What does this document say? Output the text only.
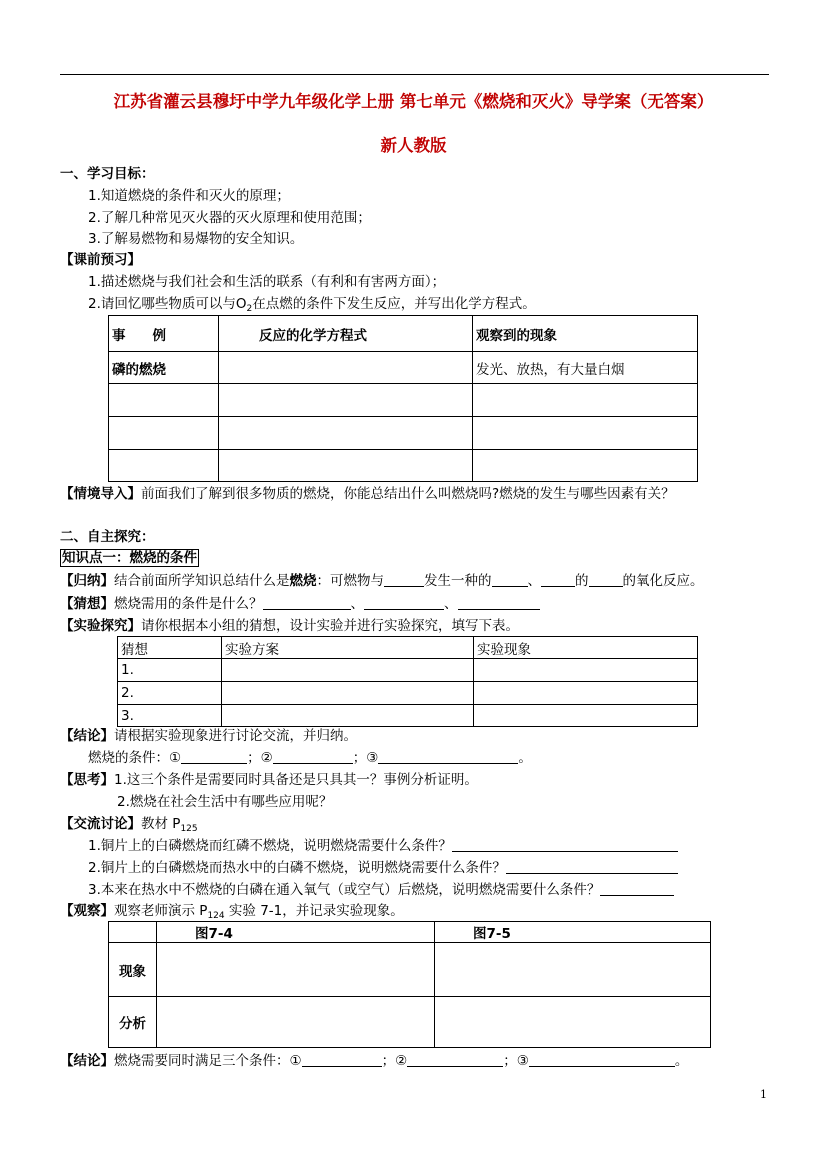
江苏省灌云县穆圩中学九年级化学上册 第七单元《燃烧和灭火》导学案（无答案）
新人教版
一、学习目标：
1.知道燃烧的条件和灭火的原理；
2.了解几种常见灭火器的灭火原理和使用范围；
3.了解易燃物和易爆物的安全知识。
【课前预习】
1.描述燃烧与我们社会和生活的联系（有利和有害两方面）；
2.请回忆哪些物质可以与$O_2$在点燃的条件下发生反应，并写出化学方程式。
事　　例	反应的化学方程式	观察到的现象
磷的燃烧		发光、放热，有大量白烟

【情境导入】前面我们了解到很多物质的燃烧，你能总结出什么叫燃烧吗?燃烧的发生与哪些因素有关？
二、自主探究：
知识点一：燃烧的条件
【归纳】结合前面所学知识总结什么是燃烧：可燃物与	发生一种的	、	的	的氧化反应。
【猜想】燃烧需用的条件是什么？	、	、
【实验探究】请你根据本小组的猜想，设计实验并进行实验探究，填写下表。
猜想	实验方案	实验现象
1.		
2.		
3.		
【结论】请根据实验现象进行讨论交流，并归纳。
燃烧的条件：①	；②	；③	。
【思考】1.这三个条件是需要同时具备还是只具其一？事例分析证明。
2.燃烧在社会生活中有哪些应用呢？
【交流讨论】教材 $P_{125}$
1.铜片上的白磷燃烧而红磷不燃烧，说明燃烧需要什么条件？
2.铜片上的白磷燃烧而热水中的白磷不燃烧，说明燃烧需要什么条件？
3.本来在热水中不燃烧的白磷在通入氧气（或空气）后燃烧，说明燃烧需要什么条件？
【观察】观察老师演示 $P_{124}$ 实验 7-1，并记录实验现象。
	图7-4	图7-5
现象		
分析		
【结论】燃烧需要同时满足三个条件：①	；②	；③	。
1
